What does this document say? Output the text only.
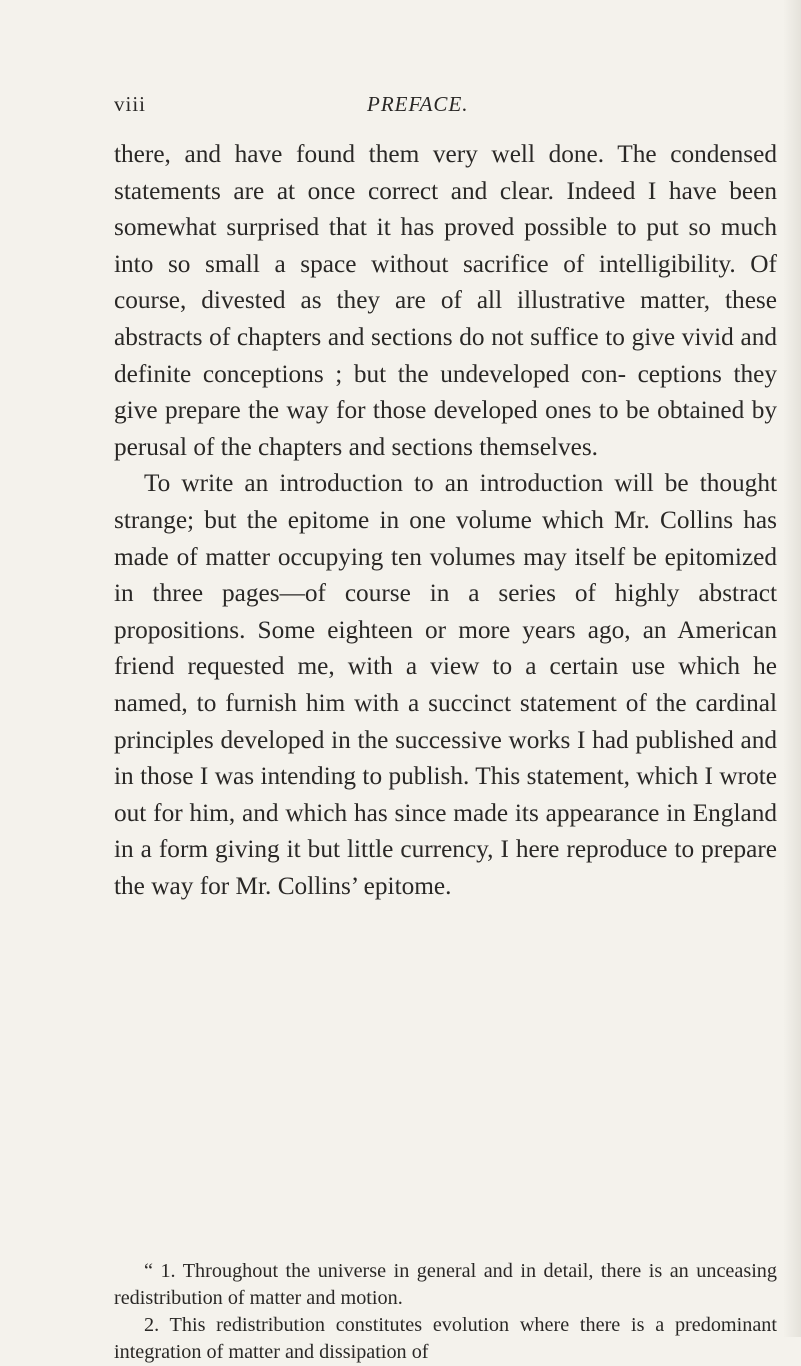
viii	PREFACE.

there, and have found them very well done. The condensed statements are at once correct and clear. Indeed I have been somewhat surprised that it has proved possible to put so much into so small a space without sacrifice of intelligibility. Of course, divested as they are of all illustrative matter, these abstracts of chapters and sections do not suffice to give vivid and definite conceptions ; but the undeveloped con- ceptions they give prepare the way for those developed ones to be obtained by perusal of the chapters and sections themselves.

To write an introduction to an introduction will be thought strange; but the epitome in one volume which Mr. Collins has made of matter occupying ten volumes may itself be epitomized in three pages—of course in a series of highly abstract propositions. Some eighteen or more years ago, an American friend requested me, with a view to a certain use which he named, to furnish him with a succinct statement of the cardinal principles developed in the successive works I had published and in those I was intending to publish. This statement, which I wrote out for him, and which has since made its appearance in England in a form giving it but little currency, I here reproduce to prepare the way for Mr. Collins’ epitome.

“ 1. Throughout the universe in general and in detail, there is an unceasing redistribution of matter and motion.

2. This redistribution constitutes evolution where there is a predominant integration of matter and dissipation of
